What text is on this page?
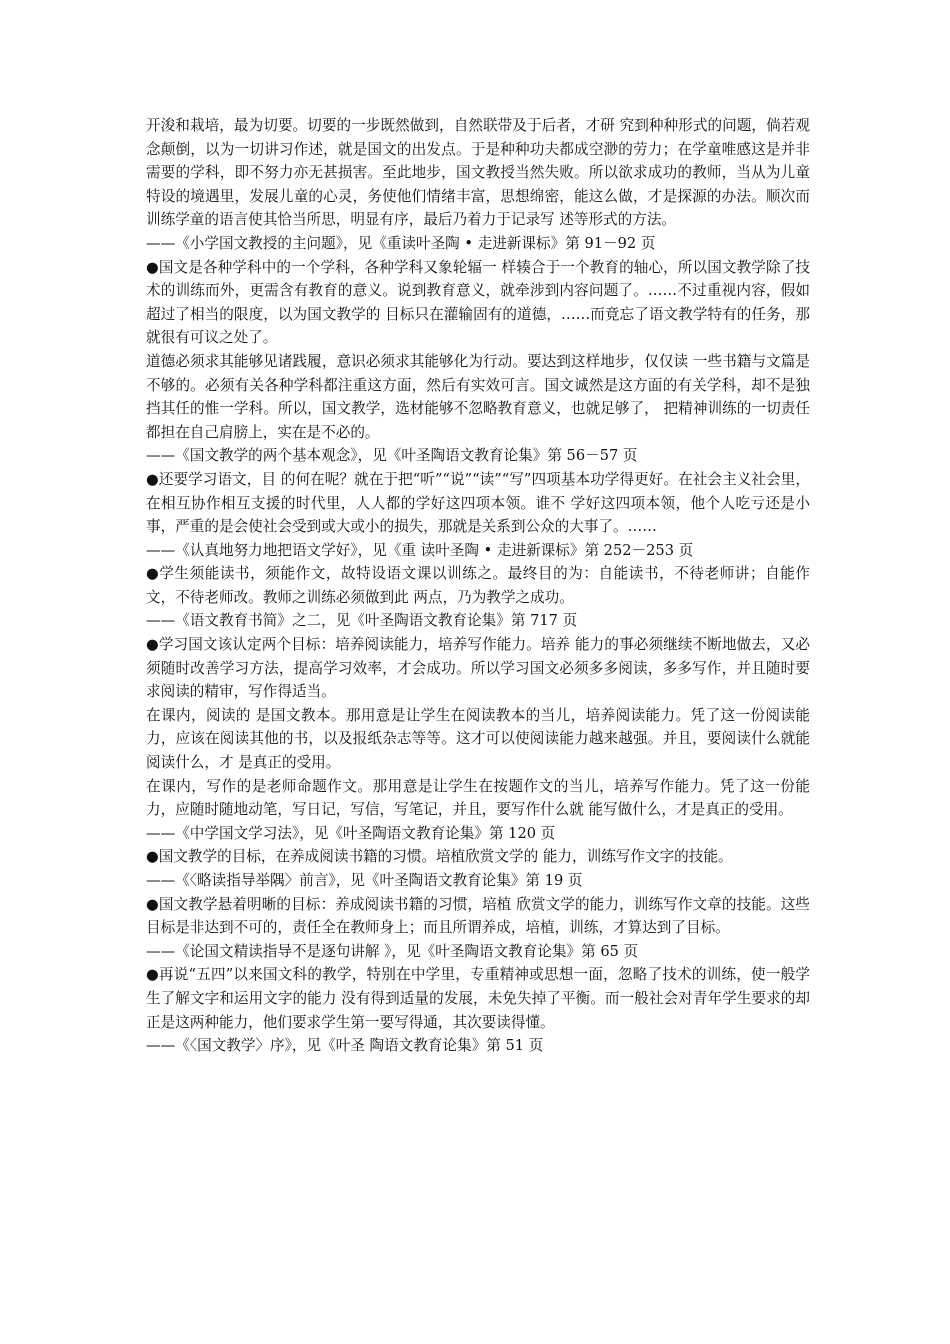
开浚和栽培，最为切要。切要的一步既然做到，自然联带及于后者，才研 究到种种形式的问题，倘若观念颠倒，以为一切讲习作述，就是国文的出发点。于是种种功夫都成空渺的劳力；在学童唯感这是并非需要的学科，即不努力亦无甚损害。至此地步，国文教授当然失败。所以欲求成功的教师，当从为儿童特设的境遇里，发展儿童的心灵，务使他们情绪丰富，思想绵密，能这么做，才是探源的办法。顺次而训练学童的语言使其恰当所思，明显有序，最后乃着力于记录写 述等形式的方法。

——《小学国文教授的主问题》，见《重读叶圣陶 • 走进新课标》第 91－92 页

●国文是各种学科中的一个学科，各种学科又象轮辐一 样辏合于一个教育的轴心，所以国文教学除了技术的训练而外，更需含有教育的意义。说到教育意义，就牵涉到内容问题了。……不过重视内容，假如超过了相当的限度，以为国文教学的 目标只在灌输固有的道德，……而竟忘了语文教学特有的任务，那就很有可议之处了。

道德必须求其能够见诸践履，意识必须求其能够化为行动。要达到这样地步，仅仅读 一些书籍与文篇是不够的。必须有关各种学科都注重这方面，然后有实效可言。国文诚然是这方面的有关学科，却不是独挡其任的惟一学科。所以，国文教学，选材能够不忽略教育意义，也就足够了， 把精神训练的一切责任都担在自己肩膀上，实在是不必的。

——《国文教学的两个基本观念》，见《叶圣陶语文教育论集》第 56－57 页

●还要学习语文，目 的何在呢？就在于把“听”“说”“读”“写”四项基本功学得更好。在社会主义社会里，在相互协作相互支援的时代里，人人都的学好这四项本领。谁不 学好这四项本领，他个人吃亏还是小事，严重的是会使社会受到或大或小的损失，那就是关系到公众的大事了。……

——《认真地努力地把语文学好》，见《重 读叶圣陶 • 走进新课标》第 252－253 页

●学生须能读书，须能作文，故特设语文课以训练之。最终目的为：自能读书，不待老师讲；自能作文，不待老师改。教师之训练必须做到此 两点，乃为教学之成功。

——《语文教育书简》之二，见《叶圣陶语文教育论集》第 717 页

●学习国文该认定两个目标：培养阅读能力，培养写作能力。培养 能力的事必须继续不断地做去，又必须随时改善学习方法，提高学习效率，才会成功。所以学习国文必须多多阅读，多多写作，并且随时要求阅读的精审，写作得适当。

在课内，阅读的 是国文教本。那用意是让学生在阅读教本的当儿，培养阅读能力。凭了这一份阅读能力，应该在阅读其他的书，以及报纸杂志等等。这才可以使阅读能力越来越强。并且，要阅读什么就能阅读什么，才 是真正的受用。

在课内，写作的是老师命题作文。那用意是让学生在按题作文的当儿，培养写作能力。凭了这一份能力，应随时随地动笔，写日记，写信，写笔记，并且，要写作什么就 能写做什么，才是真正的受用。

——《中学国文学习法》，见《叶圣陶语文教育论集》第 120 页

●国文教学的目标，在养成阅读书籍的习惯。培植欣赏文学的 能力，训练写作文字的技能。

——《〈略读指导举隅〉前言》，见《叶圣陶语文教育论集》第 19 页

●国文教学悬着明晰的目标：养成阅读书籍的习惯，培植 欣赏文学的能力，训练写作文章的技能。这些目标是非达到不可的，责任全在教师身上；而且所谓养成，培植，训练，才算达到了目标。

——《论国文精读指导不是逐句讲解 》，见《叶圣陶语文教育论集》第 65 页

●再说“五四”以来国文科的教学，特别在中学里，专重精神或思想一面，忽略了技术的训练，使一般学生了解文字和运用文字的能力 没有得到适量的发展，未免失掉了平衡。而一般社会对青年学生要求的却正是这两种能力，他们要求学生第一要写得通，其次要读得懂。

——《〈国文教学〉序》，见《叶圣 陶语文教育论集》第 51 页
